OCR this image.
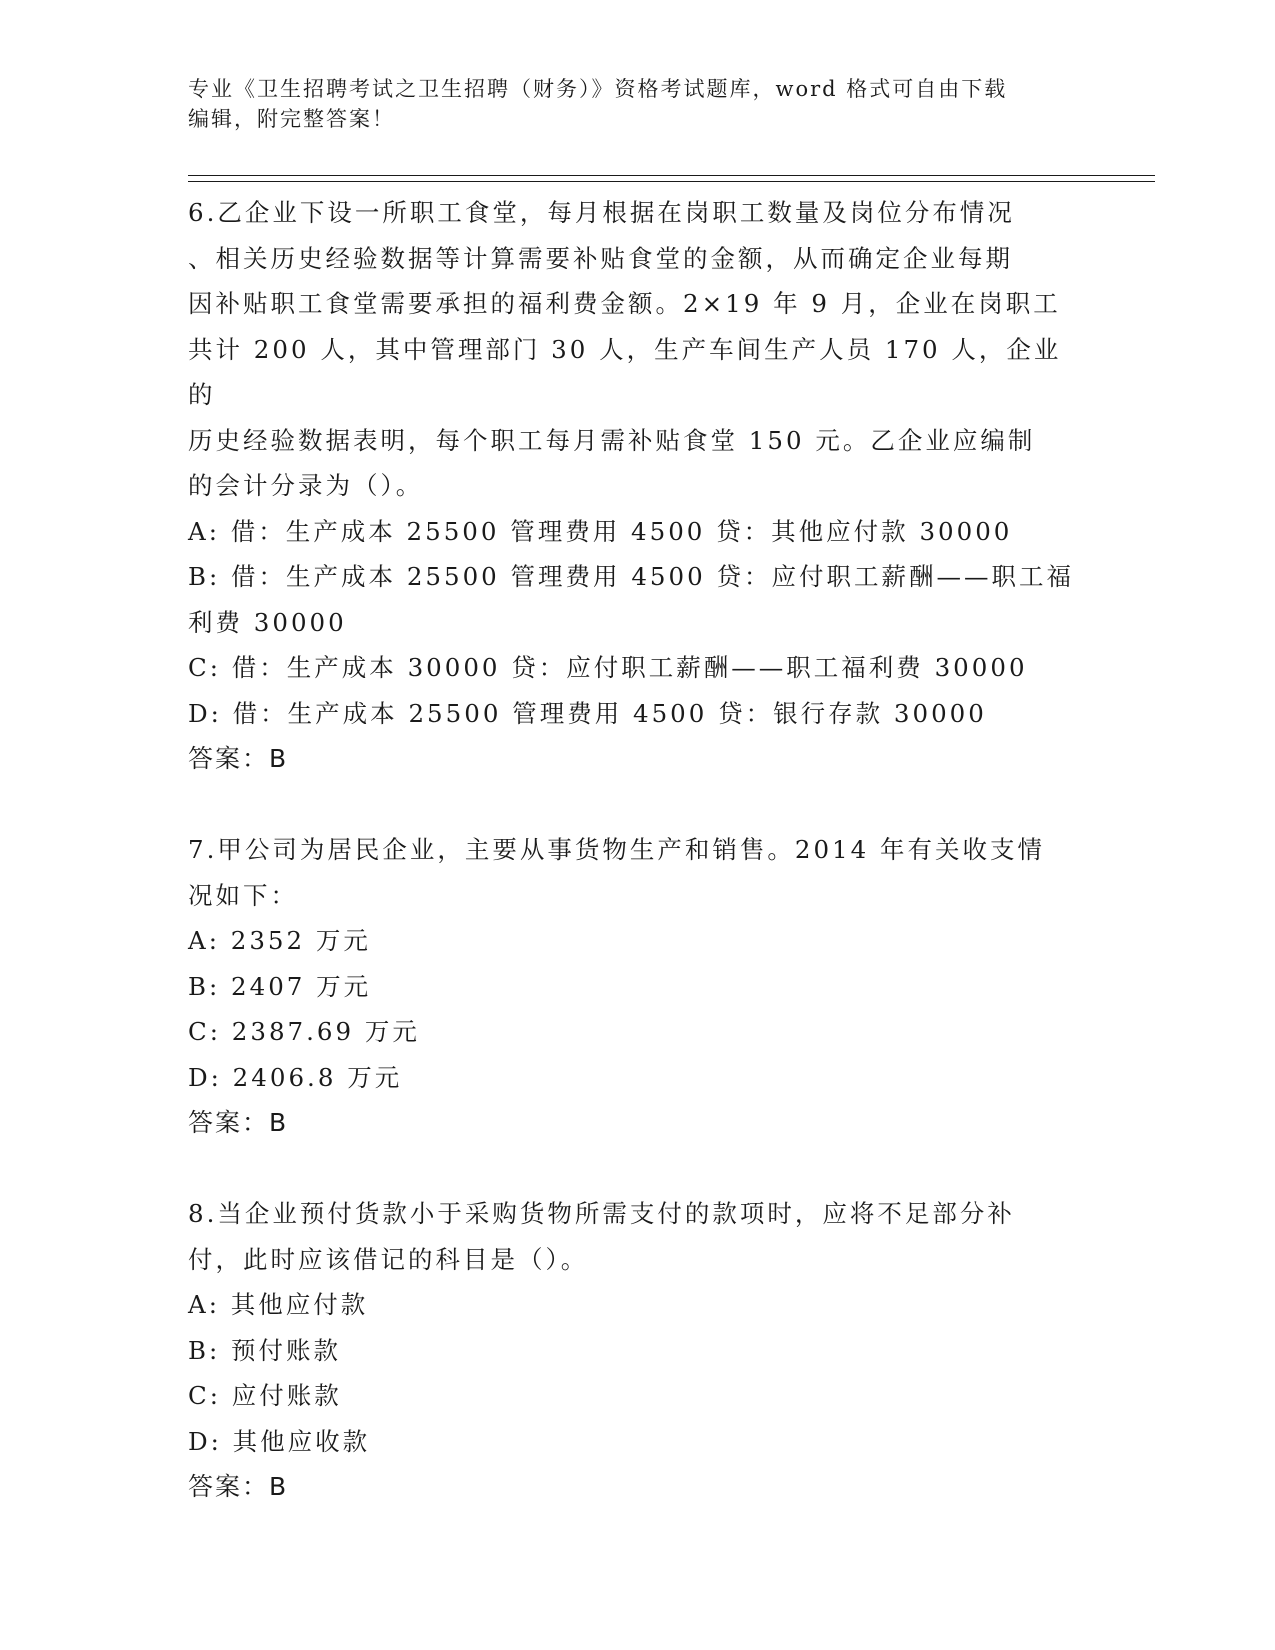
专业《卫生招聘考试之卫生招聘（财务）》资格考试题库，word 格式可自由下载
编辑，附完整答案！
6.乙企业下设一所职工食堂，每月根据在岗职工数量及岗位分布情况
、相关历史经验数据等计算需要补贴食堂的金额，从而确定企业每期
因补贴职工食堂需要承担的福利费金额。2×19 年 9 月，企业在岗职工
共计 200 人，其中管理部门 30 人，生产车间生产人员 170 人，企业的
历史经验数据表明，每个职工每月需补贴食堂 150 元。乙企业应编制
的会计分录为（）。
A: 借：生产成本 25500 管理费用 4500 贷：其他应付款 30000
B: 借：生产成本 25500 管理费用 4500 贷：应付职工薪酬——职工福
利费 30000
C: 借：生产成本 30000 贷：应付职工薪酬——职工福利费 30000
D: 借：生产成本 25500 管理费用 4500 贷：银行存款 30000
答案：B
7.甲公司为居民企业，主要从事货物生产和销售。2014 年有关收支情
况如下：
A: 2352 万元
B: 2407 万元
C: 2387.69 万元
D: 2406.8 万元
答案：B
8.当企业预付货款小于采购货物所需支付的款项时，应将不足部分补
付，此时应该借记的科目是（）。
A: 其他应付款
B: 预付账款
C: 应付账款
D: 其他应收款
答案：B
